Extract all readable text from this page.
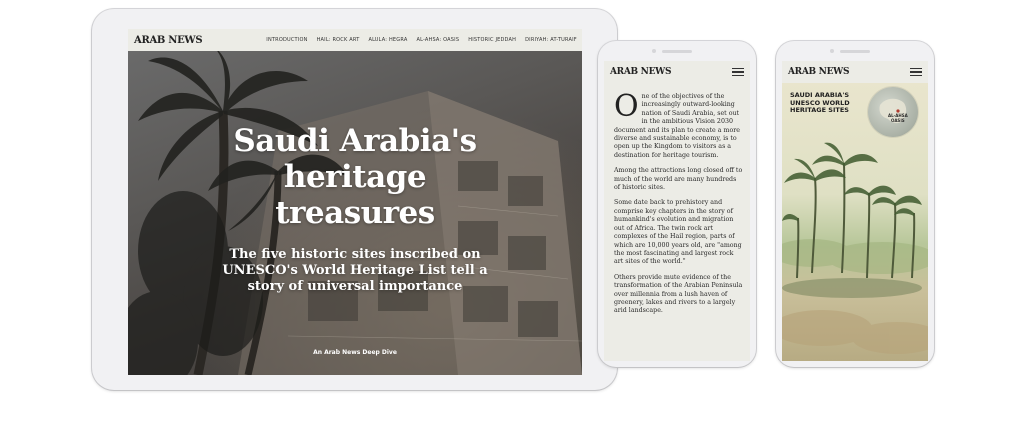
ARAB NEWS	INTRODUCTION HAIL: ROCK ART ALULA: HEGRA AL-AHSA: OASIS HISTORIC JEDDAH DIRIYAH: AT-TURAIF
Saudi Arabia's
heritage
treasures
The five historic sites inscribed on
UNESCO's World Heritage List tell a
story of universal importance
An Arab News Deep Dive
ARAB NEWS

One of the objectives of the increasingly outward-looking nation of Saudi Arabia, set out in the ambitious Vision 2030 document and its plan to create a more diverse and sustainable economy, is to open up the Kingdom to visitors as a destination for heritage tourism.

Among the attractions long closed off to much of the world are many hundreds of historic sites.

Some date back to prehistory and comprise key chapters in the story of humankind's evolution and migration out of Africa. The twin rock art complexes of the Hail region, parts of which are 10,000 years old, are "among the most fascinating and largest rock art sites of the world."

Others provide mute evidence of the transformation of the Arabian Peninsula over millennia from a lush haven of greenery, lakes and rivers to a largely arid landscape.

ARAB NEWS
SAUDI ARABIA'S
UNESCO WORLD
HERITAGE SITES
AL-AHSA
OASIS
